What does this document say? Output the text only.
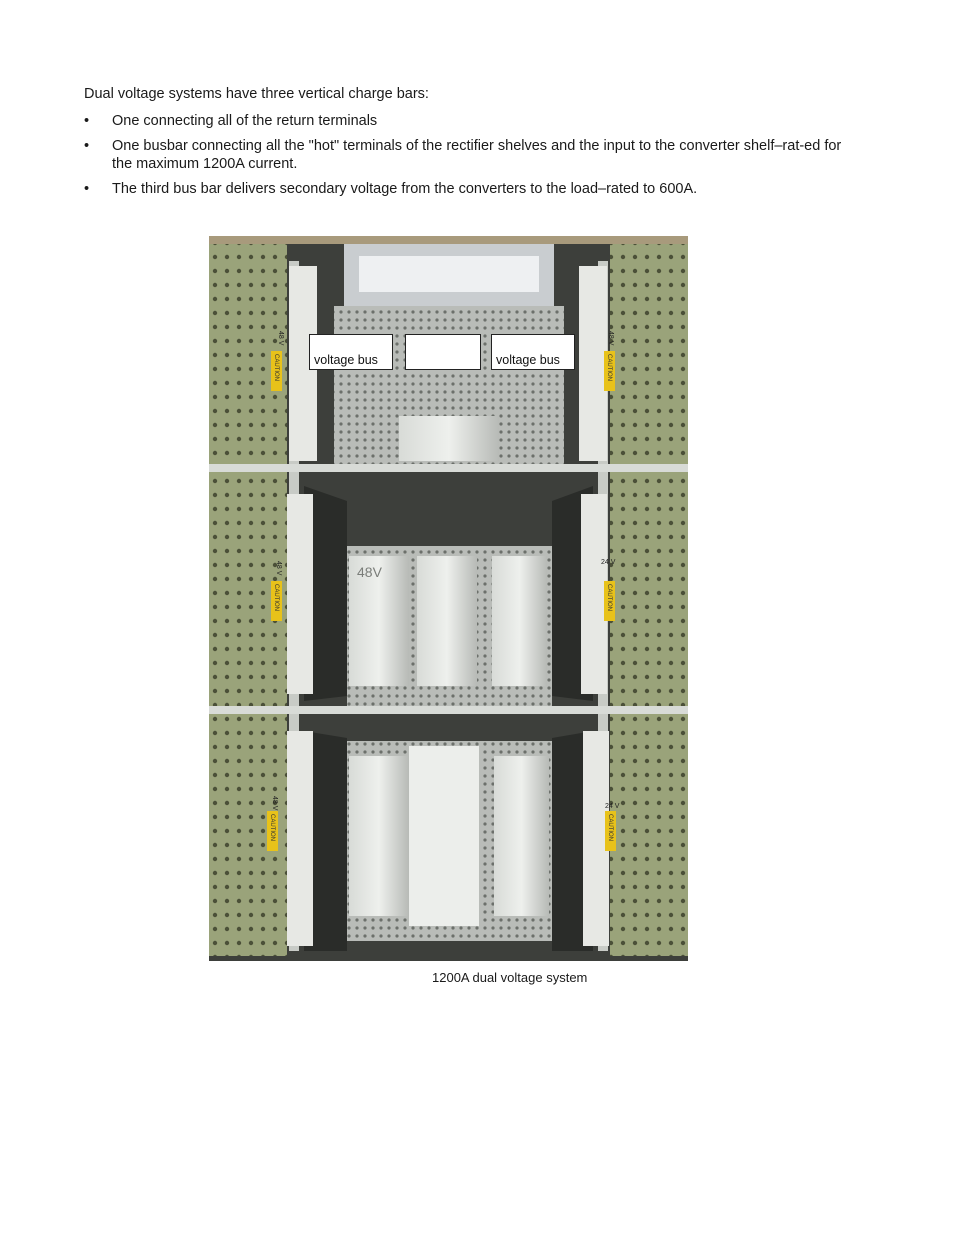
Dual voltage systems have three vertical charge bars:

• One connecting all of the return terminals
• One busbar connecting all the "hot" terminals of the rectifier shelves and the input to the converter shelf–rat-ed for the maximum 1200A current.
• The third bus bar delivers secondary voltage from the converters to the load–rated to 600A.
48 V	48 V
48 V	24 V
48 V	24 V
CAUTION
CAUTION
CAUTION
CAUTION
CAUTION
CAUTION
48V
voltage bus	voltage bus

1200A dual voltage system
